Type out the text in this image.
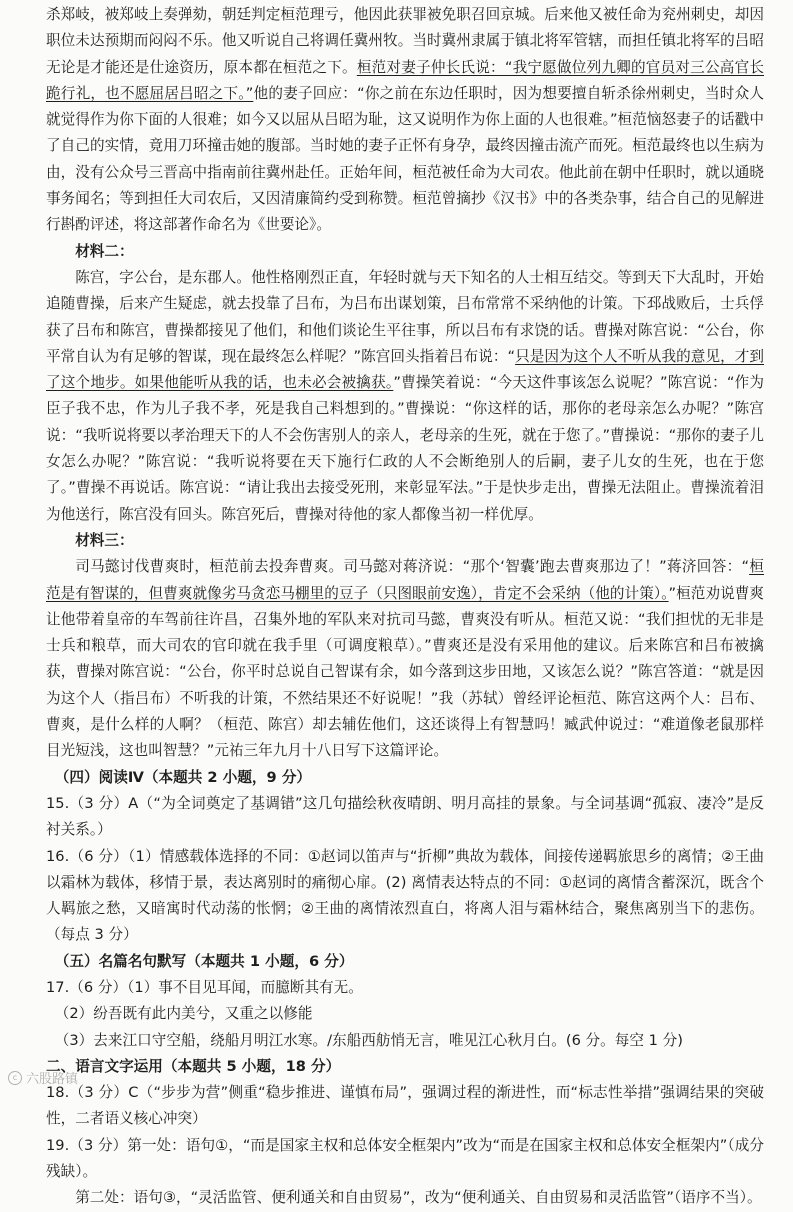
杀郑岐，被郑岐上奏弹劾，朝廷判定桓范理亏，他因此获罪被免职召回京城。后来他又被任命为兖州刺史，却因职位未达预期而闷闷不乐。他又听说自己将调任冀州牧。当时冀州隶属于镇北将军管辖，而担任镇北将军的吕昭无论是才能还是仕途资历，原本都在桓范之下。桓范对妻子仲长氏说：“我宁愿做位列九卿的官员对三公高官长跪行礼，也不愿屈居吕昭之下。”他的妻子回应：“你之前在东边任职时，因为想要擅自斩杀徐州刺史，当时众人就觉得作为你下面的人很难；如今又以屈从吕昭为耻，这又说明作为你上面的人也很难。”桓范恼怒妻子的话戳中了自己的实情，竟用刀环撞击她的腹部。当时她的妻子正怀有身孕，最终因撞击流产而死。桓范最终也以生病为由，没有公众号三晋高中指南前往冀州赴任。正始年间，桓范被任命为大司农。他此前在朝中任职时，就以通晓事务闻名；等到担任大司农后，又因清廉简约受到称赞。桓范曾摘抄《汉书》中的各类杂事，结合自己的见解进行斟酌评述，将这部著作命名为《世要论》。

材料二：

陈宫，字公台，是东郡人。他性格刚烈正直，年轻时就与天下知名的人士相互结交。等到天下大乱时，开始追随曹操，后来产生疑虑，就去投靠了吕布，为吕布出谋划策，吕布常常不采纳他的计策。下邳战败后，士兵俘获了吕布和陈宫，曹操都接见了他们，和他们谈论生平往事，所以吕布有求饶的话。曹操对陈宫说：“公台，你平常自认为有足够的智谋，现在最终怎么样呢？”陈宫回头指着吕布说：“只是因为这个人不听从我的意见，才到了这个地步。如果他能听从我的话，也未必会被擒获。”曹操笑着说：“今天这件事该怎么说呢？”陈宫说：“作为臣子我不忠，作为儿子我不孝，死是我自己料想到的。”曹操说：“你这样的话，那你的老母亲怎么办呢？”陈宫说：“我听说将要以孝治理天下的人不会伤害别人的亲人，老母亲的生死，就在于您了。”曹操说：“那你的妻子儿女怎么办呢？”陈宫说：“我听说将要在天下施行仁政的人不会断绝别人的后嗣，妻子儿女的生死，也在于您了。”曹操不再说话。陈宫说：“请让我出去接受死刑，来彰显军法。”于是快步走出，曹操无法阻止。曹操流着泪为他送行，陈宫没有回头。陈宫死后，曹操对待他的家人都像当初一样优厚。

材料三：

司马懿讨伐曹爽时，桓范前去投奔曹爽。司马懿对蒋济说：“那个‘智囊’跑去曹爽那边了！”蒋济回答：“桓范是有智谋的，但曹爽就像劣马贪恋马棚里的豆子（只图眼前安逸），肯定不会采纳（他的计策）。”桓范劝说曹爽让他带着皇帝的车驾前往许昌，召集外地的军队来对抗司马懿，曹爽没有听从。桓范又说：“我们担忧的无非是士兵和粮草，而大司农的官印就在我手里（可调度粮草）。”曹爽还是没有采用他的建议。后来陈宫和吕布被擒获，曹操对陈宫说：“公台，你平时总说自己智谋有余，如今落到这步田地，又该怎么说？”陈宫答道：“就是因为这个人（指吕布）不听我的计策，不然结果还不好说呢！”我（苏轼）曾经评论桓范、陈宫这两个人：吕布、曹爽，是什么样的人啊？（桓范、陈宫）却去辅佐他们，这还谈得上有智慧吗！臧武仲说过：“难道像老鼠那样目光短浅，这也叫智慧？”元祐三年九月十八日写下这篇评论。

（四）阅读Ⅳ（本题共 2 小题，9 分）

15.（3 分）A（“为全词奠定了基调错”这几句描绘秋夜晴朗、明月高挂的景象。与全词基调“孤寂、凄冷”是反衬关系。）

16.（6 分）（1）情感载体选择的不同：①赵词以笛声与“折柳”典故为载体，间接传递羁旅思乡的离情；②王曲以霜林为载体，移情于景，表达离别时的痛彻心扉。(2) 离情表达特点的不同：①赵词的离情含蓄深沉，既含个人羁旅之愁，又暗寓时代动荡的怅惘；②王曲的离情浓烈直白，将离人泪与霜林结合，聚焦离别当下的悲伤。（每点 3 分）

（五）名篇名句默写（本题共 1 小题，6 分）

17.（6 分）（1）事不目见耳闻，而臆断其有无。

（2）纷吾既有此内美兮，又重之以修能

（3）去来江口守空船，绕船月明江水寒。/东船西舫悄无言，唯见江心秋月白。(6 分。每空 1 分)

二、语言文字运用（本题共 5 小题，18 分）

18.（3 分）C（“步步为营”侧重“稳步推进、谨慎布局”，强调过程的渐进性，而“标志性举措”强调结果的突破性，二者语义核心冲突）

19.（3 分）第一处：语句①，“而是国家主权和总体安全框架内”改为“而是在国家主权和总体安全框架内”（成分残缺）。

第二处：语句③，“灵活监管、便利通关和自由贸易”，改为“便利通关、自由贸易和灵活监管”（语序不当）。

c 六股路镇
